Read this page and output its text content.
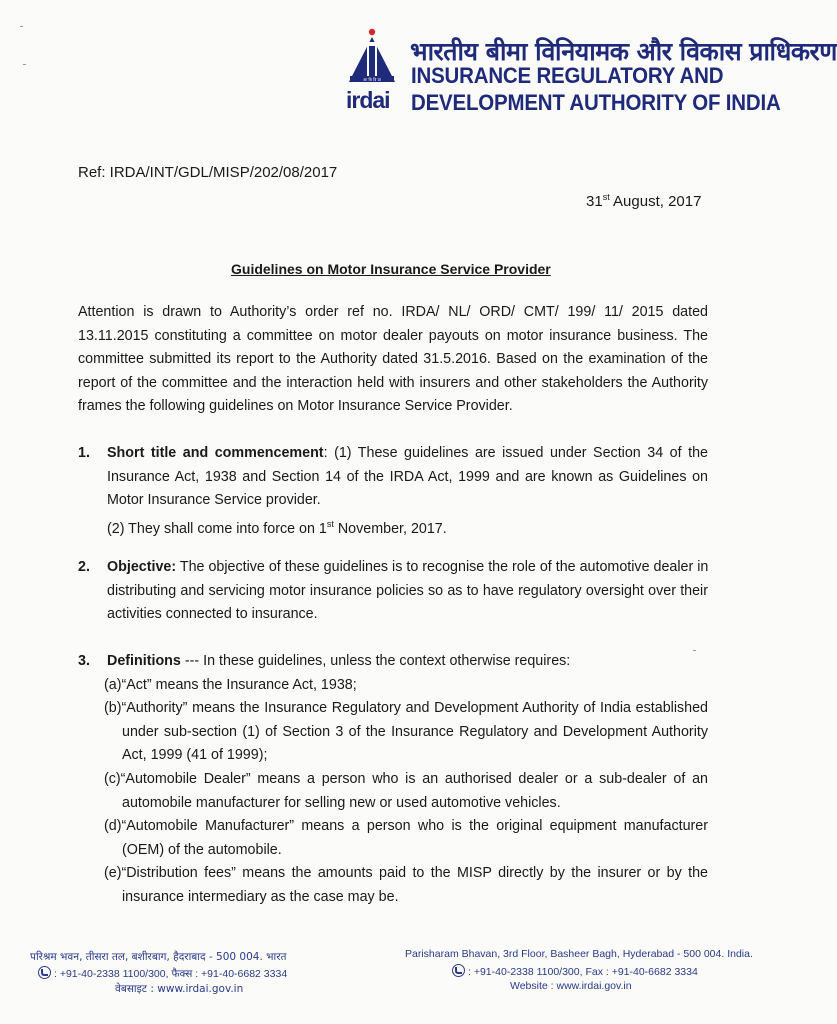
आ बि वि प्रा
irdai
भारतीय बीमा विनियामक और विकास प्राधिकरण
INSURANCE REGULATORY AND
DEVELOPMENT AUTHORITY OF INDIA
Ref: IRDA/INT/GDL/MISP/202/08/2017
31st August, 2017
Guidelines on Motor Insurance Service Provider
Attention is drawn to Authority’s order ref no. IRDA/ NL/ ORD/ CMT/ 199/ 11/ 2015 dated
13.11.2015 constituting a committee on motor dealer payouts on motor insurance business. The
committee submitted its report to the Authority dated 31.5.2016. Based on the examination of the
report of the committee and the interaction held with insurers and other stakeholders the Authority
frames the following guidelines on Motor Insurance Service Provider.
1. Short title and commencement: (1) These guidelines are issued under Section 34 of the
Insurance Act, 1938 and Section 14 of the IRDA Act, 1999 and are known as Guidelines on
Motor Insurance Service provider.
(2) They shall come into force on 1st November, 2017.
2. Objective: The objective of these guidelines is to recognise the role of the automotive dealer in
distributing and servicing motor insurance policies so as to have regulatory oversight over their
activities connected to insurance.
3. Definitions --- In these guidelines, unless the context otherwise requires:
(a)“Act” means the Insurance Act, 1938;
(b)“Authority” means the Insurance Regulatory and Development Authority of India established
under sub-section (1) of Section 3 of the Insurance Regulatory and Development Authority
Act, 1999 (41 of 1999);
(c)“Automobile Dealer” means a person who is an authorised dealer or a sub-dealer of an
automobile manufacturer for selling new or used automotive vehicles.
(d)“Automobile Manufacturer” means a person who is the original equipment manufacturer
(OEM) of the automobile.
(e)“Distribution fees” means the amounts paid to the MISP directly by the insurer or by the
insurance intermediary as the case may be.
परिश्रम भवन, तीसरा तल, बशीरबाग, हैदराबाद - 500 004. भारत
: +91-40-2338 1100/300, फैक्स : +91-40-6682 3334
वेबसाइट : www.irdai.gov.in
Parisharam Bhavan, 3rd Floor, Basheer Bagh, Hyderabad - 500 004. India.
: +91-40-2338 1100/300, Fax : +91-40-6682 3334
Website : www.irdai.gov.in
